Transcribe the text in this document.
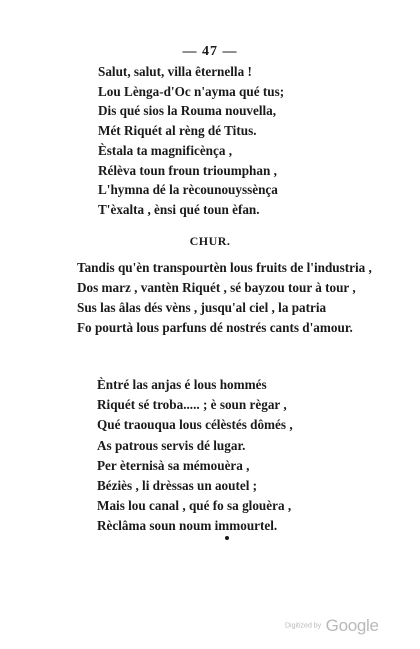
— 47 —
Salut, salut, villa êternella !
Lou Lènga-d'Oc n'ayma qué tus;
Dis qué sios la Rouma nouvella,
Mét Riquét al rèng dé Titus.
Èstala ta magnificènça ,
Rélèva toun froun trioumphan ,
L'hymna dé la rècounouyssènça
T'èxalta , ènsi qué toun èfan.
CHUR.
Tandis qu'èn transpourtèn lous fruits de l'industria ,
Dos marz , vantèn Riquét , sé bayzou tour à tour ,
Sus las âlas dés vèns , jusqu'al ciel , la patria
Fo pourtà lous parfuns dé nostrés cants d'amour.
Èntré las anjas é lous hommés
Riquét sé troba..... ; è soun règar ,
Qué traouqua lous célèstés dômés ,
As patrous servis dé lugar.
Per èternisà sa mémouèra ,
Béziès , li drèssas un aoutel ;
Mais lou canal , qué fo sa glouèra ,
Rèclâma soun noum immourtel.
Digitized by Google
